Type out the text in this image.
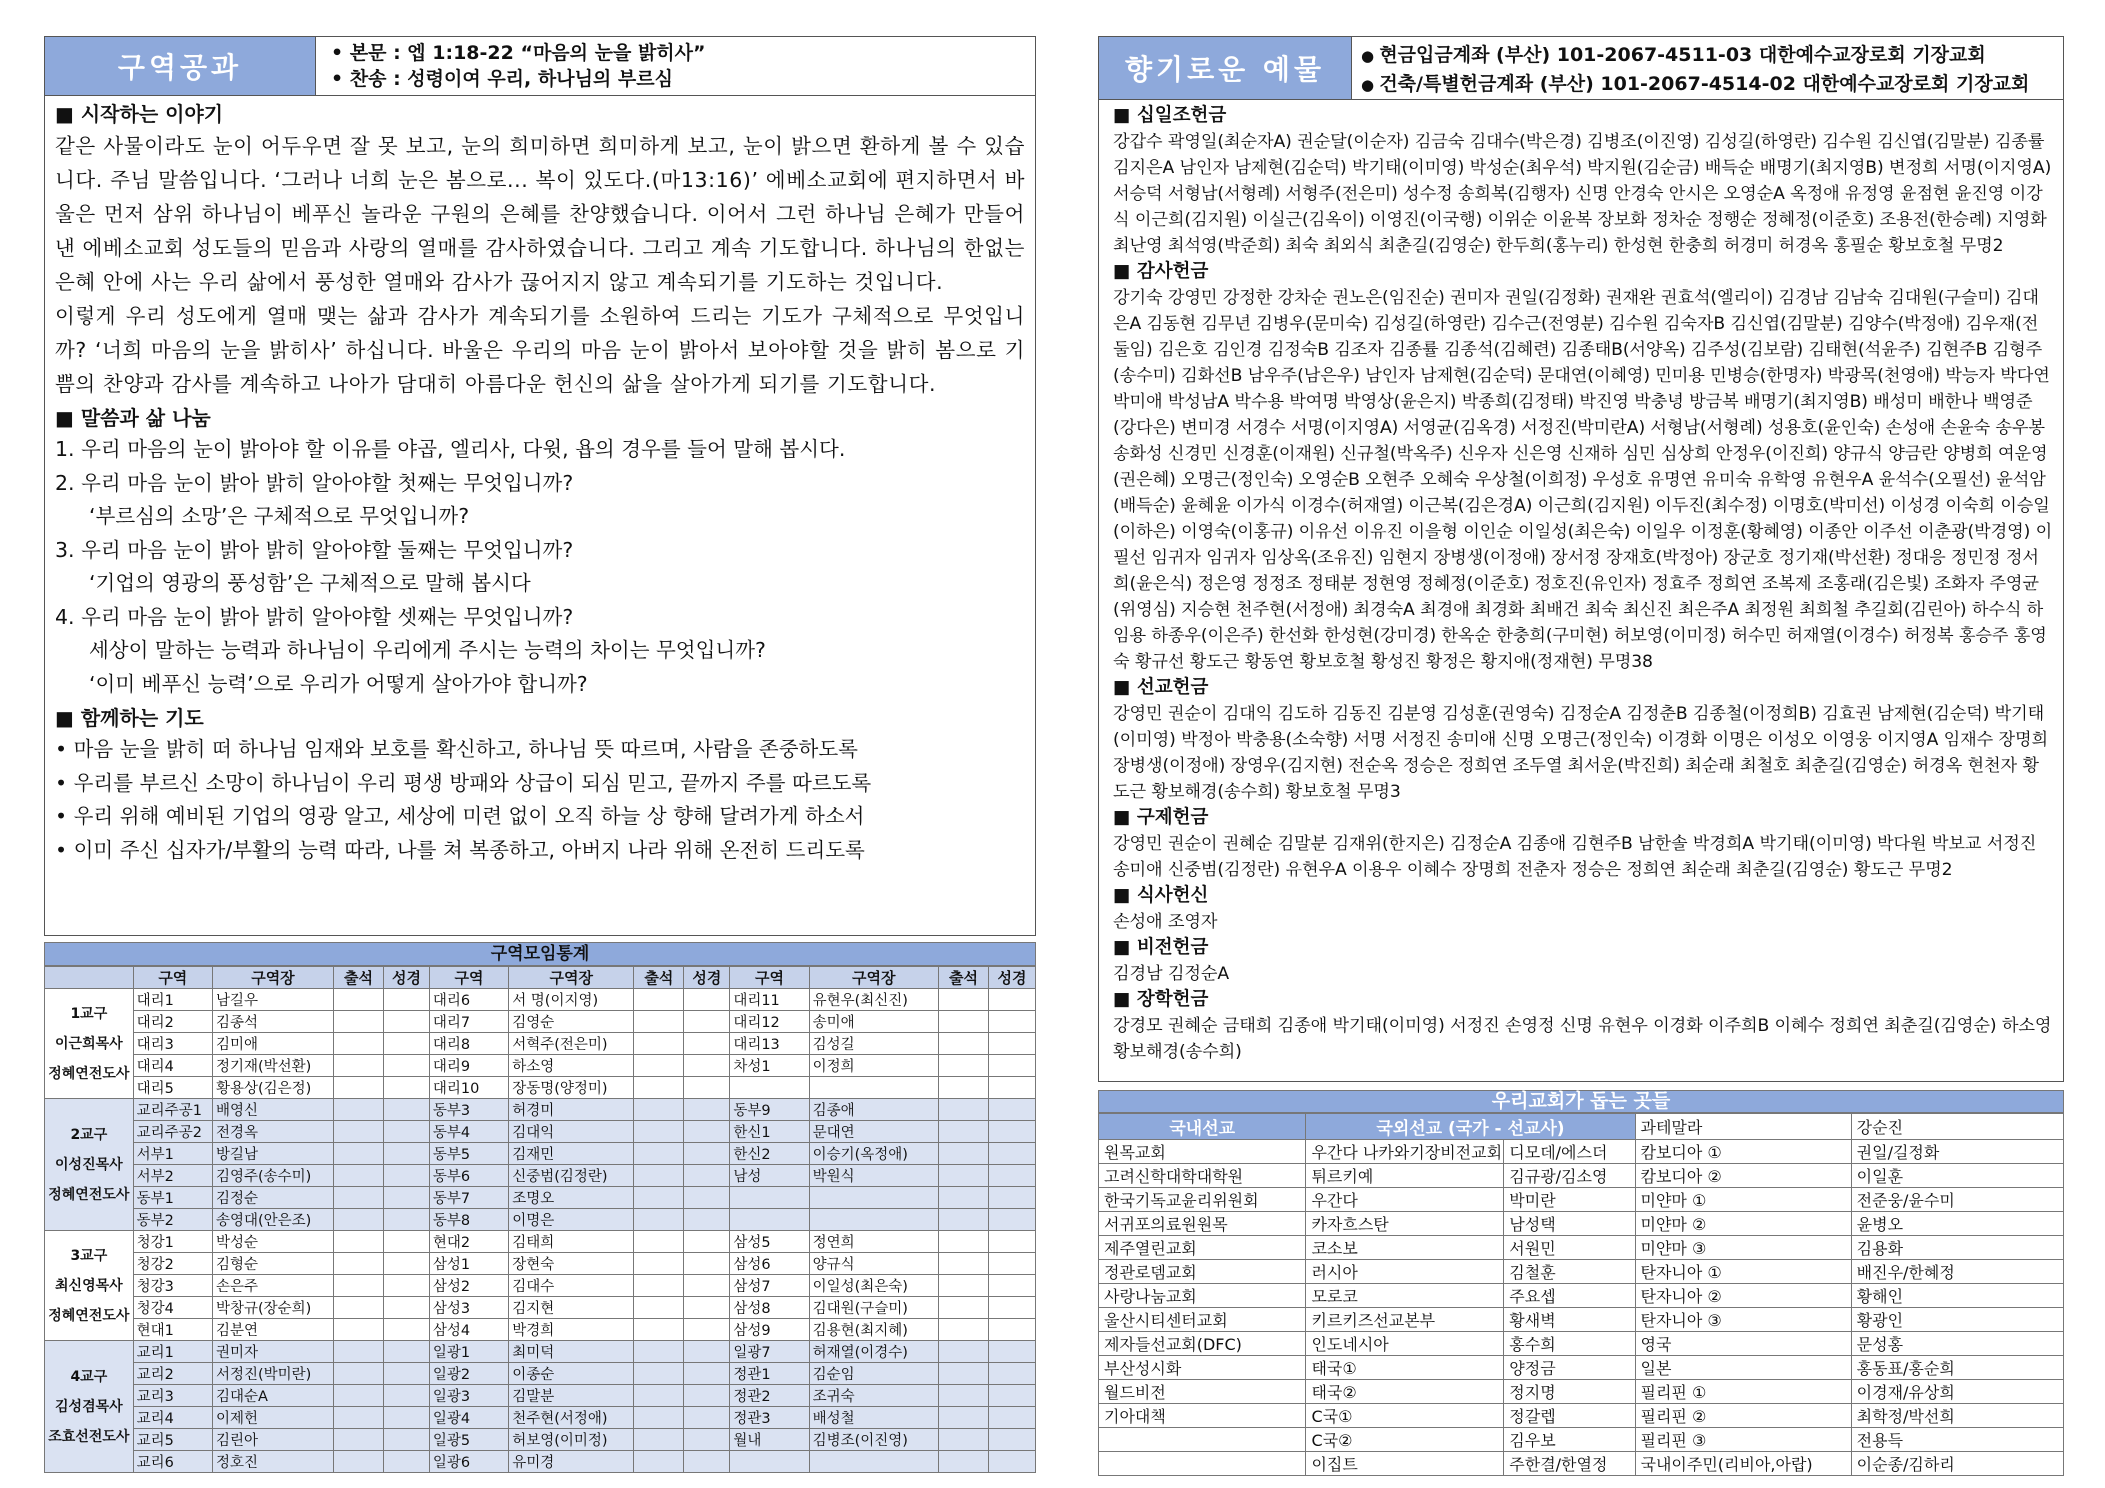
구역공과	• 본문 : 엡 1:18-22 “마음의 눈을 밝히사”
• 찬송 : 성령이여 우리, 하나님의 부르심
■ 시작하는 이야기
같은 사물이라도 눈이 어두우면 잘 못 보고, 눈의 희미하면 희미하게 보고, 눈이 밝으면 환하게 볼 수 있습니다. 주님 말씀입니다. ‘그러나 너희 눈은 봄으로... 복이 있도다.(마13:16)’ 에베소교회에 편지하면서 바울은 먼저 삼위 하나님이 베푸신 놀라운 구원의 은혜를 찬양했습니다. 이어서 그런 하나님 은혜가 만들어 낸 에베소교회 성도들의 믿음과 사랑의 열매를 감사하였습니다. 그리고 계속 기도합니다. 하나님의 한없는 은혜 안에 사는 우리 삶에서 풍성한 열매와 감사가 끊어지지 않고 계속되기를 기도하는 것입니다.
이렇게 우리 성도에게 열매 맺는 삶과 감사가 계속되기를 소원하여 드리는 기도가 구체적으로 무엇입니까? ‘너희 마음의 눈을 밝히사’ 하십니다. 바울은 우리의 마음 눈이 밝아서 보아야할 것을 밝히 봄으로 기쁨의 찬양과 감사를 계속하고 나아가 담대히 아름다운 헌신의 삶을 살아가게 되기를 기도합니다.
■ 말씀과 삶 나눔
1. 우리 마음의 눈이 밝아야 할 이유를 야곱, 엘리사, 다윗, 욥의 경우를 들어 말해 봅시다.
2. 우리 마음 눈이 밝아 밝히 알아야할 첫째는 무엇입니까?
‘부르심의 소망’은 구체적으로 무엇입니까?
3. 우리 마음 눈이 밝아 밝히 알아야할 둘째는 무엇입니까?
‘기업의 영광의 풍성함’은 구체적으로 말해 봅시다
4. 우리 마음 눈이 밝아 밝히 알아야할 셋째는 무엇입니까?
세상이 말하는 능력과 하나님이 우리에게 주시는 능력의 차이는 무엇입니까?
‘이미 베푸신 능력’으로 우리가 어떻게 살아가야 합니까?
■ 함께하는 기도
• 마음 눈을 밝히 떠 하나님 임재와 보호를 확신하고, 하나님 뜻 따르며, 사람을 존중하도록
• 우리를 부르신 소망이 하나님이 우리 평생 방패와 상급이 되심 믿고, 끝까지 주를 따르도록
• 우리 위해 예비된 기업의 영광 알고, 세상에 미련 없이 오직 하늘 상 향해 달려가게 하소서
• 이미 주신 십자가/부활의 능력 따라, 나를 쳐 복종하고, 아버지 나라 위해 온전히 드리도록
구역모임통계
	구역	구역장	출석	성경	구역	구역장	출석	성경	구역	구역장	출석	성경

1교구
이근희목사
정혜연전도사	대리1	남길우			대리6	서 명(이지영)			대리11	유현우(최신진)		
	대리2	김종석			대리7	김영순			대리12	송미애		
	대리3	김미애			대리8	서혁주(전은미)			대리13	김성길		
	대리4	정기재(박선환)			대리9	하소영			차성1	이정희		
	대리5	황용상(김은정)			대리10	장동명(양정미)						

2교구
이성진목사
정혜연전도사	교리주공1	배영신			동부3	허경미			동부9	김종애		
	교리주공2	전경옥			동부4	김대익			한신1	문대연		
	서부1	방길남			동부5	김재민			한신2	이승기(옥정애)		
	서부2	김영주(송수미)			동부6	신중범(김정란)			남성	박원식		
	동부1	김정순			동부7	조명오						
	동부2	송영대(안은조)			동부8	이명은						

3교구
최신영목사
정혜연전도사	청강1	박성순			현대2	김태희			삼성5	정연희		
	청강2	김형순			삼성1	장현숙			삼성6	양규식		
	청강3	손은주			삼성2	김대수			삼성7	이일성(최은숙)		
	청강4	박창규(장순희)			삼성3	김지현			삼성8	김대원(구슬미)		
	현대1	김분연			삼성4	박경희			삼성9	김용현(최지혜)		

4교구
김성겸목사
조효선전도사	교리1	권미자			일광1	최미덕			일광7	허재열(이경수)		
	교리2	서정진(박미란)			일광2	이종순			정관1	김순임		
	교리3	김대순A			일광3	김말분			정관2	조귀숙		
	교리4	이제헌			일광4	천주현(서정애)			정관3	배성철		
	교리5	김린아			일광5	허보영(이미정)			월내	김병조(이진영)		
	교리6	정호진			일광6	유미경						
향기로운 예물	● 현금입금계좌 (부산) 101-2067-4511-03 대한예수교장로회 기장교회
● 건축/특별헌금계좌 (부산) 101-2067-4514-02 대한예수교장로회 기장교회
■ 십일조헌금
강갑수 곽영일(최순자A) 권순달(이순자) 김금숙 김대수(박은경) 김병조(이진영) 김성길(하영란) 김수원 김신엽(김말분) 김종률 김지은A 남인자 남제현(김순덕) 박기태(이미영) 박성순(최우석) 박지원(김순금) 배득순 배명기(최지영B) 변정희 서명(이지영A) 서승덕 서형남(서형례) 서형주(전은미) 성수정 송희복(김행자) 신명 안경숙 안시은 오영순A 옥정애 유정영 윤점현 윤진영 이강식 이근희(김지원) 이실근(김옥이) 이영진(이국행) 이위순 이윤복 장보화 정차순 정행순 정혜정(이준호) 조용전(한승례) 지영화 최난영 최석영(박준희) 최숙 최외식 최춘길(김영순) 한두희(홍누리) 한성현 한충희 허경미 허경옥 홍필순 황보호철 무명2
■ 감사헌금
강기숙 강영민 강정한 강차순 권노은(임진순) 권미자 권일(김정화) 권재완 권효석(엘리이) 김경남 김남숙 김대원(구슬미) 김대은A 김동현 김무년 김병우(문미숙) 김성길(하영란) 김수근(전영분) 김수원 김숙자B 김신엽(김말분) 김양수(박정애) 김우재(전둘임) 김은호 김인경 김정숙B 김조자 김종률 김종석(김혜련) 김종태B(서양옥) 김주성(김보람) 김태현(석윤주) 김현주B 김형주(송수미) 김화선B 남우주(남은우) 남인자 남제현(김순덕) 문대연(이혜영) 민미용 민병승(한명자) 박광목(천영애) 박능자 박다연 박미애 박성남A 박수용 박여명 박영상(윤은지) 박종희(김정태) 박진영 박충녕 방금복 배명기(최지영B) 배성미 배한나 백영준(강다은) 변미경 서경수 서명(이지영A) 서영균(김옥경) 서정진(박미란A) 서형남(서형례) 성용호(윤인숙) 손성애 손윤숙 송우봉 송화성 신경민 신경훈(이재원) 신규철(박옥주) 신우자 신은영 신재하 심민 심상희 안정우(이진희) 양규식 양금란 양병희 여운영(권은혜) 오명근(정인숙) 오영순B 오현주 오혜숙 우상철(이희정) 우성호 유명연 유미숙 유학영 유현우A 윤석수(오필선) 윤석암(배득순) 윤혜윤 이가식 이경수(허재열) 이근복(김은경A) 이근희(김지원) 이두진(최수정) 이명호(박미선) 이성경 이숙희 이승일(이하은) 이영숙(이홍규) 이유선 이유진 이을형 이인순 이일성(최은숙) 이일우 이정훈(황혜영) 이종안 이주선 이춘광(박경영) 이필선 임귀자 임귀자 임상옥(조유진) 임현지 장병생(이정애) 장서정 장재호(박정아) 장군호 정기재(박선환) 정대응 정민정 정서희(윤은식) 정은영 정정조 정태분 정현영 정혜정(이준호) 정호진(유인자) 정효주 정희연 조복제 조홍래(김은빛) 조화자 주영균(위영심) 지승현 천주현(서정애) 최경숙A 최경애 최경화 최배건 최숙 최신진 최은주A 최정원 최희철 추길회(김린아) 하수식 하임용 하종우(이은주) 한선화 한성현(강미경) 한옥순 한충희(구미현) 허보영(이미정) 허수민 허재열(이경수) 허정복 홍승주 홍영숙 황규선 황도근 황동연 황보호철 황성진 황정은 황지애(정재현) 무명38
■ 선교헌금
강영민 권순이 김대익 김도하 김동진 김분영 김성훈(권영숙) 김정순A 김정춘B 김종철(이정희B) 김효권 남제현(김순덕) 박기태(이미영) 박정아 박충용(소숙향) 서명 서정진 송미애 신명 오명근(정인숙) 이경화 이명은 이성오 이영웅 이지영A 임재수 장명희 장병생(이정애) 장영우(김지현) 전순옥 정승은 정희연 조두열 최서운(박진희) 최순래 최철호 최춘길(김영순) 허경옥 현천자 황도근 황보해경(송수희) 황보호철 무명3
■ 구제헌금
강영민 권순이 권혜순 김말분 김재위(한지은) 김정순A 김종애 김현주B 남한솔 박경희A 박기태(이미영) 박다원 박보교 서정진 송미애 신중범(김정란) 유현우A 이용우 이혜수 장명희 전춘자 정승은 정희연 최순래 최춘길(김영순) 황도근 무명2
■ 식사헌신
손성애 조영자
■ 비전헌금
김경남 김정순A
■ 장학헌금
강경모 권혜순 금태희 김종애 박기태(이미영) 서정진 손영정 신명 유현우 이경화 이주희B 이혜수 정희연 최춘길(김영순) 하소영 황보해경(송수희)
우리교회가 돕는 곳들
국내선교	국외선교 (국가 - 선교사)		과테말라	강순진
원목교회	우간다 나카와기장비전교회	디모데/에스더	캄보디아 ①	권일/길정화
고려신학대학대학원	튀르키예	김규광/김소영	캄보디아 ②	이일훈
한국기독교윤리위원회	우간다	박미란	미얀마 ①	전준웅/윤수미
서귀포의료원원목	카자흐스탄	남성택	미얀마 ②	윤병오
제주열린교회	코소보	서원민	미얀마 ③	김용화
정관로뎀교회	러시아	김철훈	탄자니아 ①	배진우/한혜정
사랑나눔교회	모로코	주요셉	탄자니아 ②	황해인
울산시티센터교회	키르키즈선교본부	황새벽	탄자니아 ③	황광인
제자들선교회(DFC)	인도네시아	홍수희	영국	문성홍
부산성시화	태국①	양정금	일본	홍동표/홍순희
월드비전	태국②	정지명	필리핀 ①	이경재/유상희
기아대책	C국①	정갈렙	필리핀 ②	최학정/박선희
	C국②	김우보	필리핀 ③	전용득
	이집트	주한결/한열정	국내이주민(리비아,아랍)	이순종/김하리
